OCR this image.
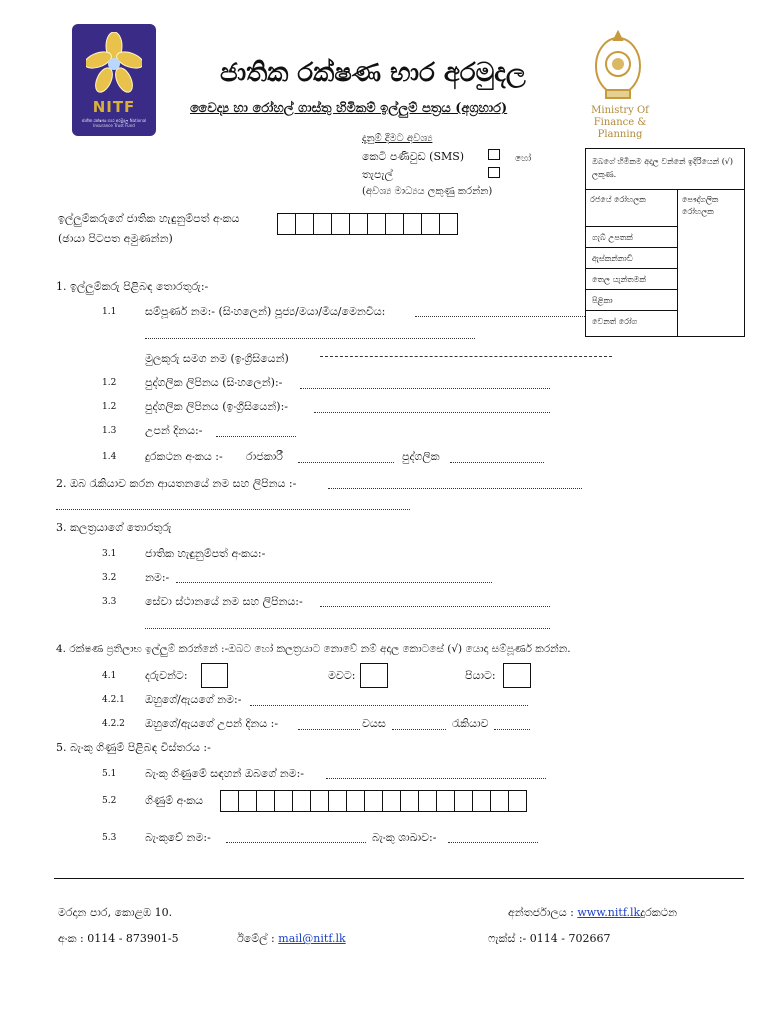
NITF
ජාතික රක්ෂණ භාර අරමුදල National Insurance Trust Fund
ජාතික රක්ෂණ භාර අරමුදල
වෛද්‍ය හා රෝහල් ගාස්තු හිමිකම් ඉල්ලුම් පත්‍රය (අග්‍රහාර)	Ministry Of
Finance & Planning
දැනුම් දීමට අවශ්‍ය
කෙටි පණිවුඩ (SMS)	හෝ
තැපැල්
(අවශ්‍ය මාධ්‍යය ලකුණු කරන්න)
ඔබගේ හිමිකම අදාල වන්නේ ඉදිරියෙන් (√) ලකුණ.
රජයේ රෝහලක	පෞද්ගලික රෝහලක
ගැබ් උපතක්
ඇස්කන්නාඩි
තෙල යැන්තමක්
පිළිකා
වෙනත් රෝග
ඉල්ලුම්කරුගේ ජාතික හැඳුනුම්පත් අංකය
(ඡායා පිටපත අමුණන්න)
1. ඉල්ලුම්කරු පිළිබඳ තොරතුරු:-
1.1	සම්පූර්ණ නම:- (සිංහලෙන්) පූජ්‍ය/මයා/මිය/මෙනවිය:
මුලකුරු සමග නම (ඉංග්‍රීසියෙන්)
1.2	පුද්ගලික ලිපිනය (සිංහලෙන්):-
1.2	පුද්ගලික ලිපිනය (ඉංග්‍රීසියෙන්):-
1.3	උපන් දිනය:-
1.4	දුරකථන අංකය :- රාජකාරී	පුද්ගලික
2. ඔබ රැකියාව කරන ආයතනයේ නම සහ ලිපිනය :-
3. කලත්‍රයාගේ තොරතුරු
3.1	ජාතික හැඳුනුම්පත් අංකය:-
3.2	නම:-
3.3	සේවා ස්ථානයේ නම සහ ලිපිනය:-
4. රක්ෂණ ප්‍රතිලාභ ඉල්ලුම් කරන්නේ :-ඔබට හෝ කලත්‍රයාට නොවේ නම් අදාල කොටසේ (√) යොදා සම්පූර්ණ කරන්න.
4.1	දරුවන්ට:	මවට:	පියාට:
4.2.1 ඔහුගේ/ඇයගේ නම:-
4.2.2 ඔහුගේ/ඇයගේ උපන් දිනය :-	වයස	රැකියාව
5. බැංකු ගිණුම් පිළිබඳ විස්තරය :-
5.1	බැංකු ගිණුමේ සඳහන් ඔබගේ නම:-
5.2	ගිණුම් අංකය
5.3	බැංකුවේ නම:-	බැංකු ශාඛාව:-
මරදාන පාර, කොළඹ 10.	අන්තර්ජාලය : www.nitf.lkදුරකථන
අංක : 0114 - 873901-5	ඊමේල් : mail@nitf.lk	ෆැක්ස් :- 0114 - 702667
